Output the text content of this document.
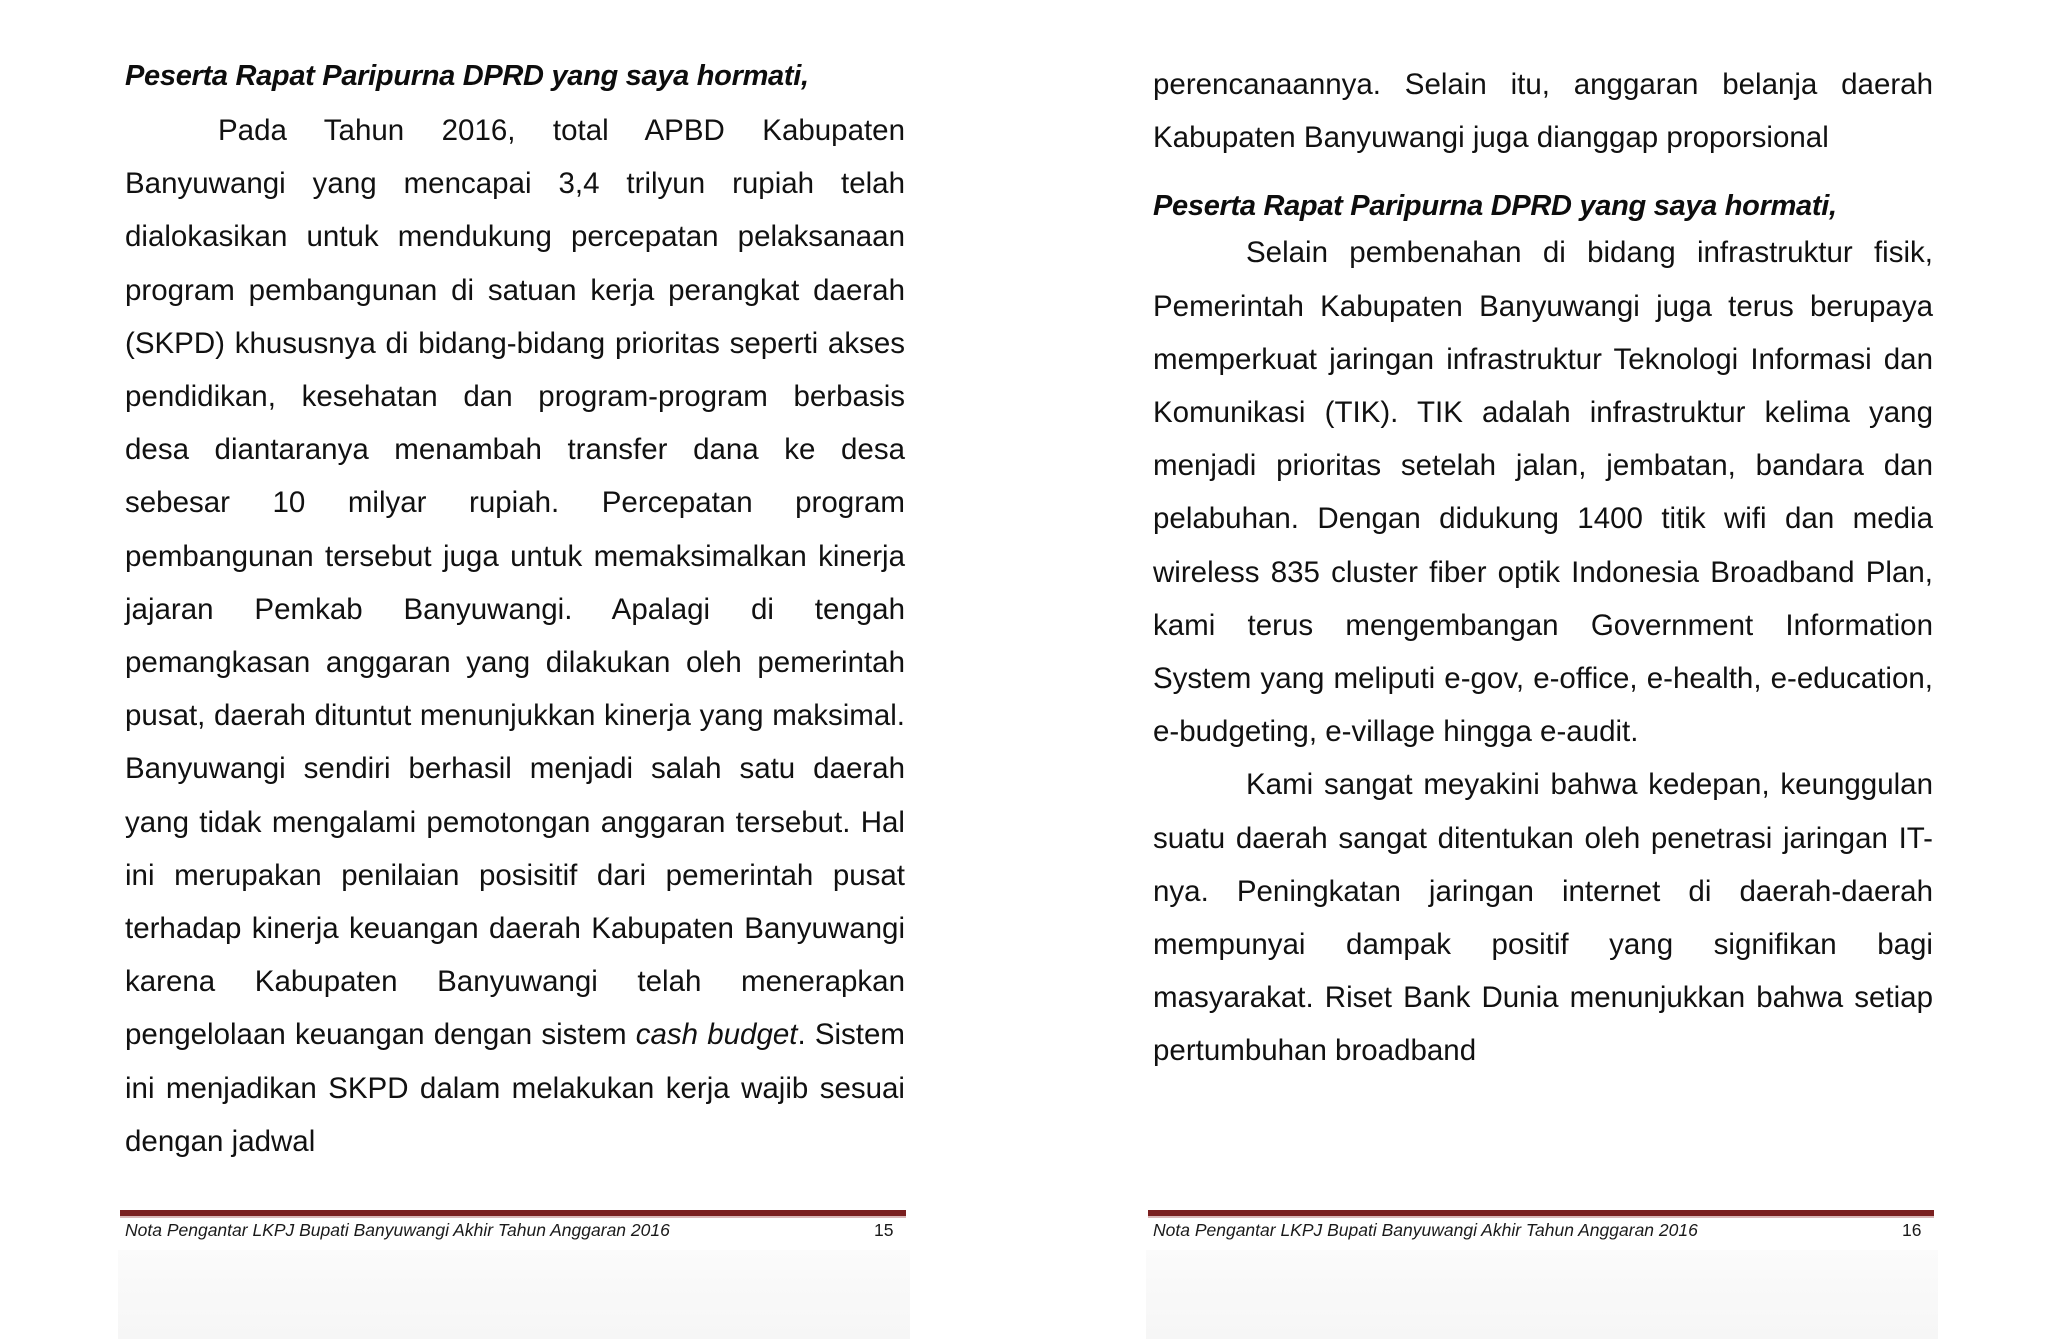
Peserta Rapat Paripurna DPRD yang saya hormati,

Pada Tahun 2016, total APBD Kabupaten Banyuwangi yang mencapai 3,4 trilyun rupiah telah dialokasikan untuk mendukung percepatan pelaksanaan program pembangunan di satuan kerja perangkat daerah (SKPD) khususnya di bidang-bidang prioritas seperti akses pendidikan, kesehatan dan program-program berbasis desa diantaranya menambah transfer dana ke desa sebesar 10 milyar rupiah. Percepatan program pembangunan tersebut juga untuk memaksimalkan kinerja jajaran Pemkab Banyuwangi. Apalagi di tengah pemangkasan anggaran yang dilakukan oleh pemerintah pusat, daerah dituntut menunjukkan kinerja yang maksimal. Banyuwangi sendiri berhasil menjadi salah satu daerah yang tidak mengalami pemotongan anggaran tersebut. Hal ini merupakan penilaian posisitif dari pemerintah pusat terhadap kinerja keuangan daerah Kabupaten Banyuwangi karena Kabupaten Banyuwangi telah menerapkan pengelolaan keuangan dengan sistem cash budget. Sistem ini menjadikan SKPD dalam melakukan kerja wajib sesuai dengan jadwal

Nota Pengantar LKPJ Bupati Banyuwangi Akhir Tahun Anggaran 2016	15

perencanaannya. Selain itu, anggaran belanja daerah Kabupaten Banyuwangi juga dianggap proporsional

Peserta Rapat Paripurna DPRD yang saya hormati,

Selain pembenahan di bidang infrastruktur fisik, Pemerintah Kabupaten Banyuwangi juga terus berupaya memperkuat jaringan infrastruktur Teknologi Informasi dan Komunikasi (TIK). TIK adalah infrastruktur kelima yang menjadi prioritas setelah jalan, jembatan, bandara dan pelabuhan. Dengan didukung 1400 titik wifi dan media wireless 835 cluster fiber optik Indonesia Broadband Plan, kami terus mengembangan Government Information System yang meliputi e-gov, e-office, e-health, e-education, e-budgeting, e-village hingga e-audit.

Kami sangat meyakini bahwa kedepan, keunggulan suatu daerah sangat ditentukan oleh penetrasi jaringan IT-nya. Peningkatan jaringan internet di daerah-daerah mempunyai dampak positif yang signifikan bagi masyarakat. Riset Bank Dunia menunjukkan bahwa setiap pertumbuhan broadband

Nota Pengantar LKPJ Bupati Banyuwangi Akhir Tahun Anggaran 2016	16
